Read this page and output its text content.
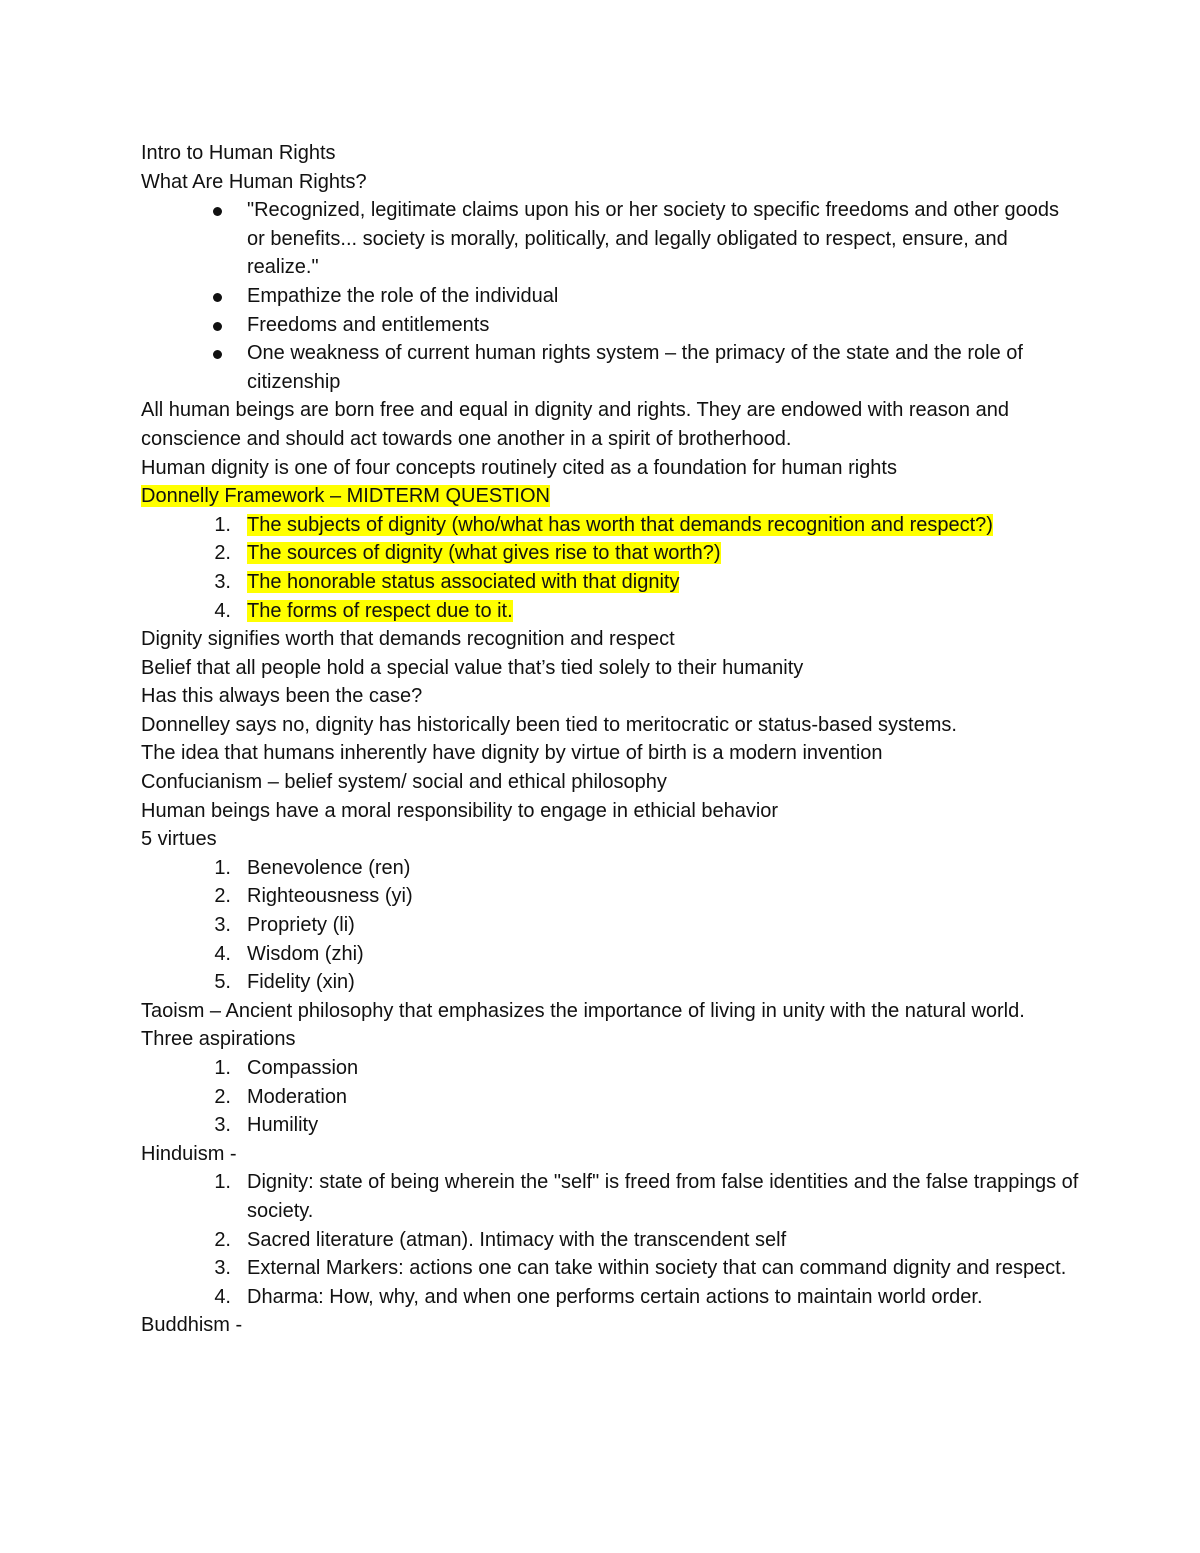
Intro to Human Rights

What Are Human Rights?

"Recognized, legitimate claims upon his or her society to specific freedoms and other goods or benefits... society is morally, politically, and legally obligated to respect, ensure, and realize."
Empathize the role of the individual
Freedoms and entitlements
One weakness of current human rights system – the primacy of the state and the role of citizenship

All human beings are born free and equal in dignity and rights. They are endowed with reason and conscience and should act towards one another in a spirit of brotherhood.

Human dignity is one of four concepts routinely cited as a foundation for human rights

Donnelly Framework – MIDTERM QUESTION

1. The subjects of dignity (who/what has worth that demands recognition and respect?)
2. The sources of dignity (what gives rise to that worth?)
3. The honorable status associated with that dignity
4. The forms of respect due to it.

Dignity signifies worth that demands recognition and respect

Belief that all people hold a special value that’s tied solely to their humanity

Has this always been the case?

Donnelley says no, dignity has historically been tied to meritocratic or status-based systems.

The idea that humans inherently have dignity by virtue of birth is a modern invention

Confucianism – belief system/ social and ethical philosophy

Human beings have a moral responsibility to engage in ethicial behavior

5 virtues

1. Benevolence (ren)
2. Righteousness (yi)
3. Propriety (li)
4. Wisdom (zhi)
5. Fidelity (xin)

Taoism – Ancient philosophy that emphasizes the importance of living in unity with the natural world.

Three aspirations

1. Compassion
2. Moderation
3. Humility

Hinduism -

1. Dignity: state of being wherein the "self" is freed from false identities and the false trappings of society.
2. Sacred literature (atman). Intimacy with the transcendent self
3. External Markers: actions one can take within society that can command dignity and respect.
4. Dharma: How, why, and when one performs certain actions to maintain world order.

Buddhism -
